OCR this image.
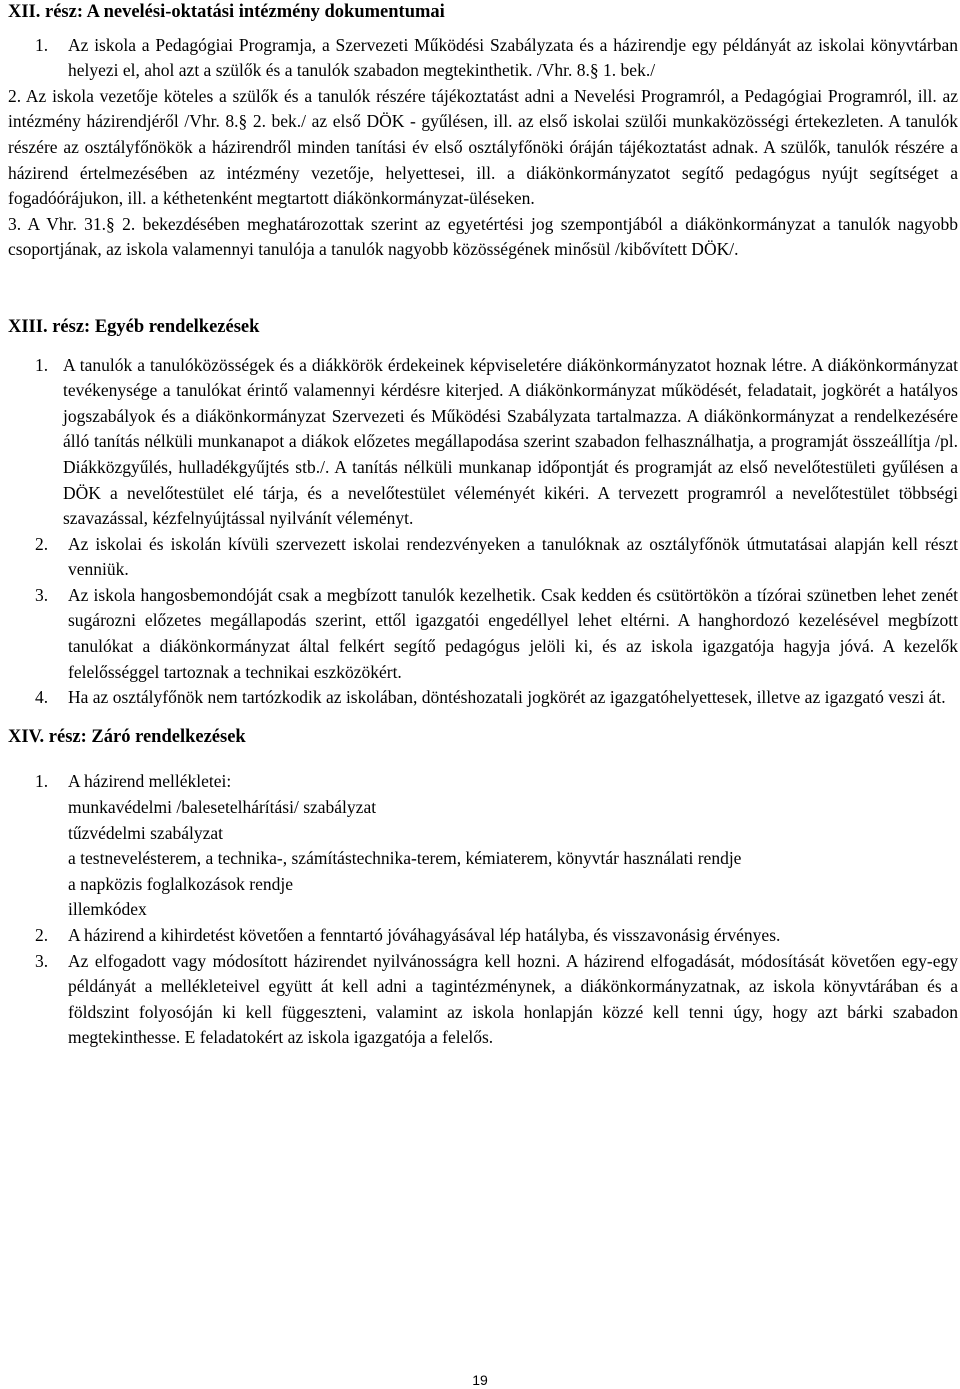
XII. rész: A nevelési-oktatási intézmény dokumentumai
1.	Az iskola a Pedagógiai Programja, a Szervezeti Működési Szabályzata és a házirendje egy példányát az iskolai könyvtárban helyezi el, ahol azt a szülők és a tanulók szabadon megtekinthetik. /Vhr. 8.§ 1. bek./
2. Az iskola vezetője köteles a szülők és a tanulók részére tájékoztatást adni a Nevelési Programról, a Pedagógiai Programról, ill. az intézmény házirendjéről /Vhr. 8.§ 2. bek./ az első DÖK - gyűlésen, ill. az első iskolai szülői munkaközösségi értekezleten. A tanulók részére az osztályfőnökök a házirendről minden tanítási év első osztályfőnöki óráján tájékoztatást adnak. A szülők, tanulók részére a házirend értelmezésében az intézmény vezetője, helyettesei, ill. a diákönkormányzatot segítő pedagógus nyújt segítséget a fogadóórájukon, ill. a kéthetenként megtartott diákönkormányzat-üléseken.
3. A Vhr. 31.§ 2. bekezdésében meghatározottak szerint az egyetértési jog szempontjából a diákönkormányzat a tanulók nagyobb csoportjának, az iskola valamennyi tanulója a tanulók nagyobb közösségének minősül /kibővített DÖK/.
XIII. rész: Egyéb rendelkezések
1. A tanulók a tanulóközösségek és a diákkörök érdekeinek képviseletére diákönkormányzatot hoznak létre. A diákönkormányzat tevékenysége a tanulókat érintő valamennyi kérdésre kiterjed. A diákönkormányzat működését, feladatait, jogkörét a hatályos jogszabályok és a diákönkormányzat Szervezeti és Működési Szabályzata tartalmazza. A diákönkormányzat a rendelkezésére álló tanítás nélküli munkanapot a diákok előzetes megállapodása szerint szabadon felhasználhatja, a programját összeállítja /pl. Diákközgyűlés, hulladékgyűjtés stb./. A tanítás nélküli munkanap időpontját és programját az első nevelőtestületi gyűlésen a DÖK a nevelőtestület elé tárja, és a nevelőtestület véleményét kikéri. A tervezett programról a nevelőtestület többségi szavazással, kézfelnyújtással nyilvánít véleményt.
2.	Az iskolai és iskolán kívüli szervezett iskolai rendezvényeken a tanulóknak az osztályfőnök útmutatásai alapján kell részt venniük.
3.	Az iskola hangosbemondóját csak a megbízott tanulók kezelhetik. Csak kedden és csütörtökön a tízórai szünetben lehet zenét sugározni előzetes megállapodás szerint, ettől igazgatói engedéllyel lehet eltérni. A hanghordozó kezelésével megbízott tanulókat a diákönkormányzat által felkért segítő pedagógus jelöli ki, és az iskola igazgatója hagyja jóvá. A kezelők felelősséggel tartoznak a technikai eszközökért.
4.	Ha az osztályfőnök nem tartózkodik az iskolában, döntéshozatali jogkörét az igazgatóhelyettesek, illetve az igazgató veszi át.
XIV. rész: Záró rendelkezések
1.	A házirend mellékletei:
munkavédelmi /balesetelhárítási/ szabályzat
tűzvédelmi szabályzat
a testnevelésterem, a technika-, számítástechnika-terem, kémiaterem, könyvtár használati rendje
a napközis foglalkozások rendje
illemkódex
2.	A házirend a kihirdetést követően a fenntartó jóváhagyásával lép hatályba, és visszavonásig érvényes.
3.	Az elfogadott vagy módosított házirendet nyilvánosságra kell hozni. A házirend elfogadását, módosítását követően egy-egy példányát a mellékleteivel együtt át kell adni a tagintézménynek, a diákönkormányzatnak, az iskola könyvtárában és a földszint folyosóján ki kell függeszteni, valamint az iskola honlapján közzé kell tenni úgy, hogy azt bárki szabadon megtekinthesse. E feladatokért az iskola igazgatója a felelős.
19
